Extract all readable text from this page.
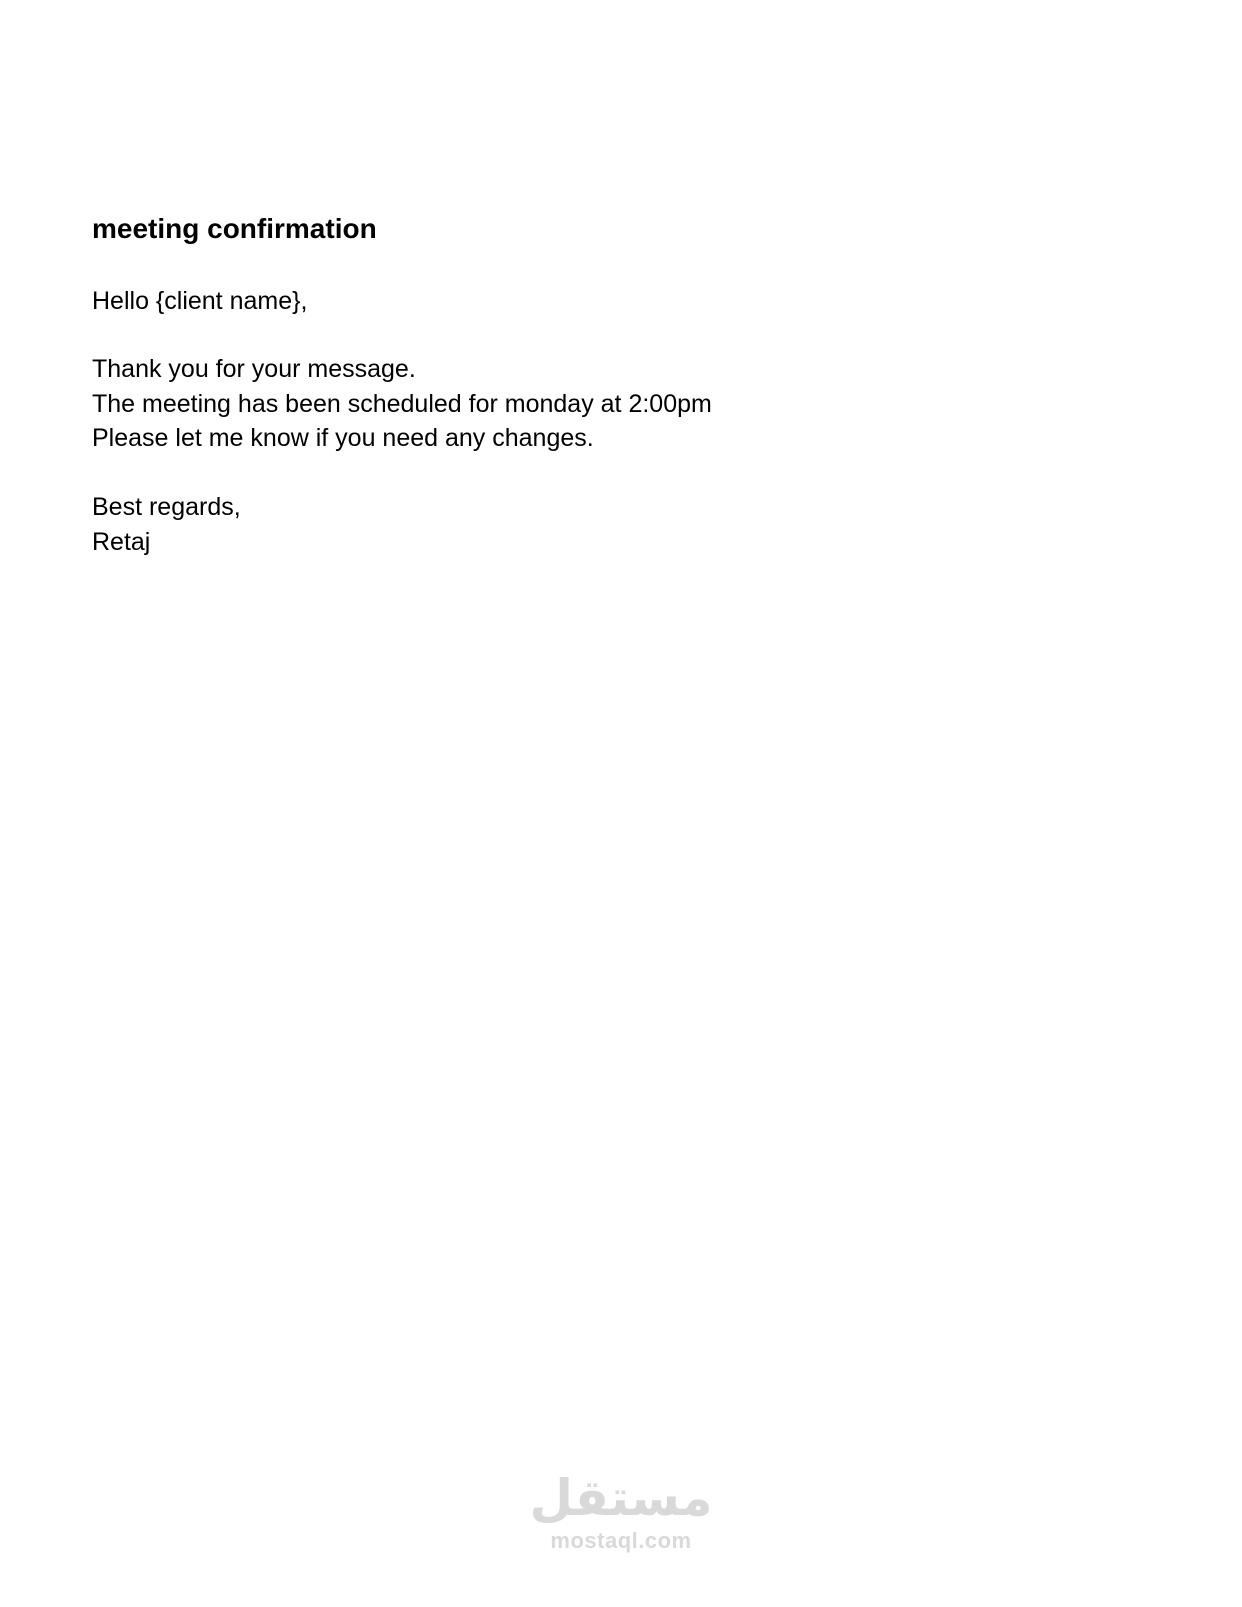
meeting confirmation

Hello {client name},

Thank you for your message.

The meeting has been scheduled for monday at 2:00pm

Please let me know if you need any changes.

Best regards,

Retaj

مستقل
mostaql.com
